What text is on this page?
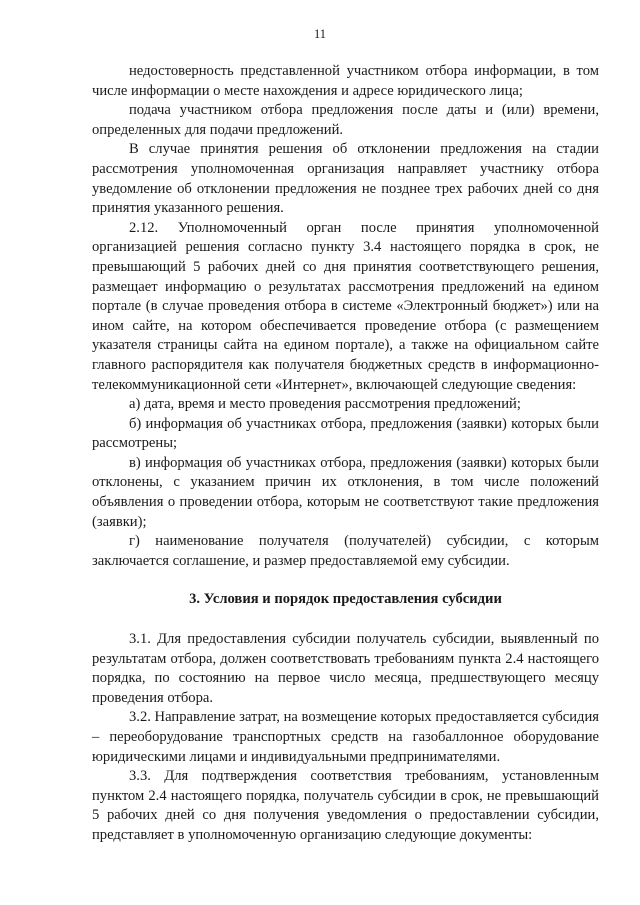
11

недостоверность представленной участником отбора информации, в том числе информации о месте нахождения и адресе юридического лица;

подача участником отбора предложения после даты и (или) времени, определенных для подачи предложений.

В случае принятия решения об отклонении предложения на стадии рассмотрения уполномоченная организация направляет участнику отбора уведомление об отклонении предложения не позднее трех рабочих дней со дня принятия указанного решения.

2.12. Уполномоченный орган после принятия уполномоченной организацией решения согласно пункту 3.4 настоящего порядка в срок, не превышающий 5 рабочих дней со дня принятия соответствующего решения, размещает информацию о результатах рассмотрения предложений на едином портале (в случае проведения отбора в системе «Электронный бюджет») или на ином сайте, на котором обеспечивается проведение отбора (с размещением указателя страницы сайта на едином портале), а также на официальном сайте главного распорядителя как получателя бюджетных средств в информационно-телекоммуникационной сети «Интернет», включающей следующие сведения:

а) дата, время и место проведения рассмотрения предложений;

б) информация об участниках отбора, предложения (заявки) которых были рассмотрены;

в) информация об участниках отбора, предложения (заявки) которых были отклонены, с указанием причин их отклонения, в том числе положений объявления о проведении отбора, которым не соответствуют такие предложения (заявки);

г) наименование получателя (получателей) субсидии, с которым заключается соглашение, и размер предоставляемой ему субсидии.

3. Условия и порядок предоставления субсидии

3.1. Для предоставления субсидии получатель субсидии, выявленный по результатам отбора, должен соответствовать требованиям пункта 2.4 настоящего порядка, по состоянию на первое число месяца, предшествующего месяцу проведения отбора.

3.2. Направление затрат, на возмещение которых предоставляется субсидия – переоборудование транспортных средств на газобаллонное оборудование юридическими лицами и индивидуальными предпринимателями.

3.3. Для подтверждения соответствия требованиям, установленным пунктом 2.4 настоящего порядка, получатель субсидии в срок, не превышающий 5 рабочих дней со дня получения уведомления о предоставлении субсидии, представляет в уполномоченную организацию следующие документы:
